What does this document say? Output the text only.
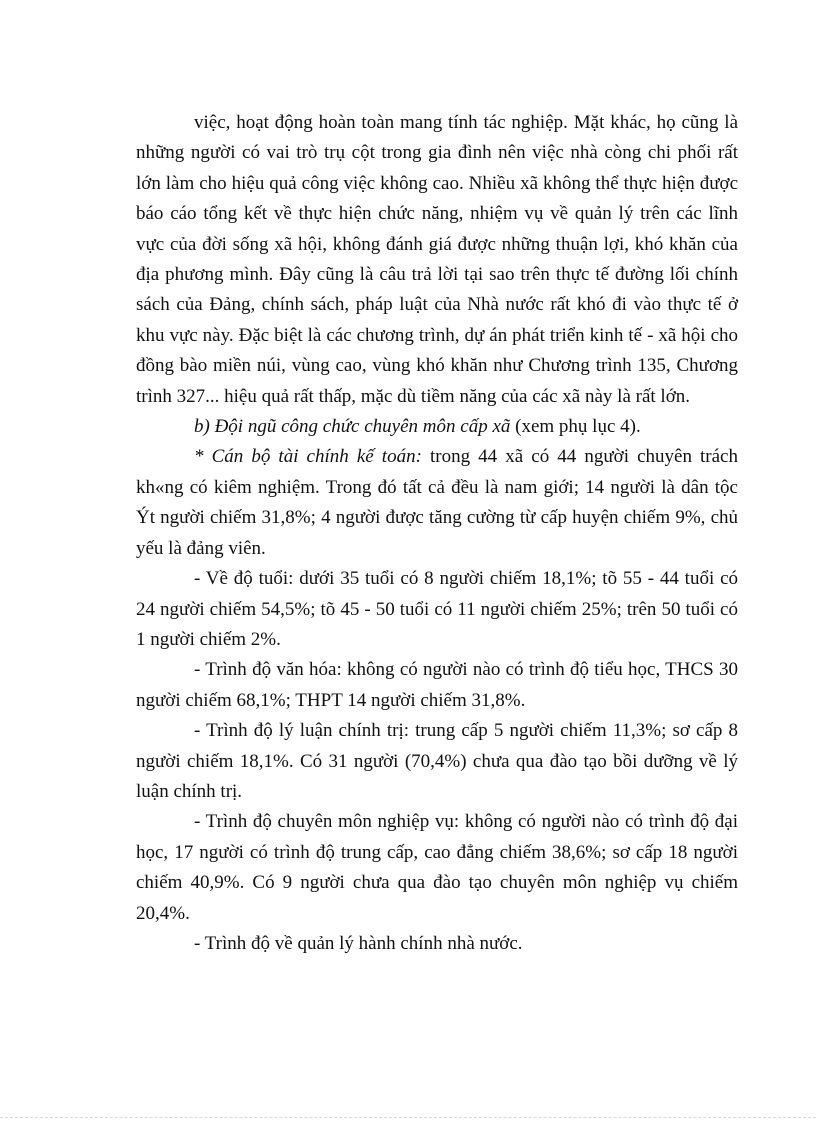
việc, hoạt động hoàn toàn mang tính tác nghiệp. Mặt khác, họ cũng là những người có vai trò trụ cột trong gia đình nên việc nhà còng chi phối rất lớn làm cho hiệu quả công việc không cao. Nhiều xã không thể thực hiện được báo cáo tổng kết về thực hiện chức năng, nhiệm vụ về quản lý trên các lĩnh vực của đời sống xã hội, không đánh giá được những thuận lợi, khó khăn của địa phương mình. Đây cũng là câu trả lời tại sao trên thực tế đường lối chính sách của Đảng, chính sách, pháp luật của Nhà nước rất khó đi vào thực tế ở khu vực này. Đặc biệt là các chương trình, dự án phát triển kinh tế - xã hội cho đồng bào miền núi, vùng cao, vùng khó khăn như Chương trình 135, Chương trình 327... hiệu quả rất thấp, mặc dù tiềm năng của các xã này là rất lớn.

b) Đội ngũ công chức chuyên môn cấp xã (xem phụ lục 4).

* Cán bộ tài chính kế toán: trong 44 xã có 44 người chuyên trách kh«ng có kiêm nghiệm. Trong đó tất cả đều là nam giới; 14 người là dân tộc Ýt người chiếm 31,8%; 4 người được tăng cường từ cấp huyện chiếm 9%, chủ yếu là đảng viên.

- Về độ tuổi: dưới 35 tuổi có 8 người chiếm 18,1%; tõ 55 - 44 tuổi có 24 người chiếm 54,5%; tõ 45 - 50 tuổi có 11 người chiếm 25%; trên 50 tuổi có 1 người chiếm 2%.

- Trình độ văn hóa: không có người nào có trình độ tiểu học, THCS 30 người chiếm 68,1%; THPT 14 người chiếm 31,8%.

- Trình độ lý luận chính trị: trung cấp 5 người chiếm 11,3%; sơ cấp 8 người chiếm 18,1%. Có 31 người (70,4%) chưa qua đào tạo bồi dưỡng về lý luận chính trị.

- Trình độ chuyên môn nghiệp vụ: không có người nào có trình độ đại học, 17 người có trình độ trung cấp, cao đẳng chiếm 38,6%; sơ cấp 18 người chiếm 40,9%. Có 9 người chưa qua đào tạo chuyên môn nghiệp vụ chiếm 20,4%.

- Trình độ về quản lý hành chính nhà nước.
